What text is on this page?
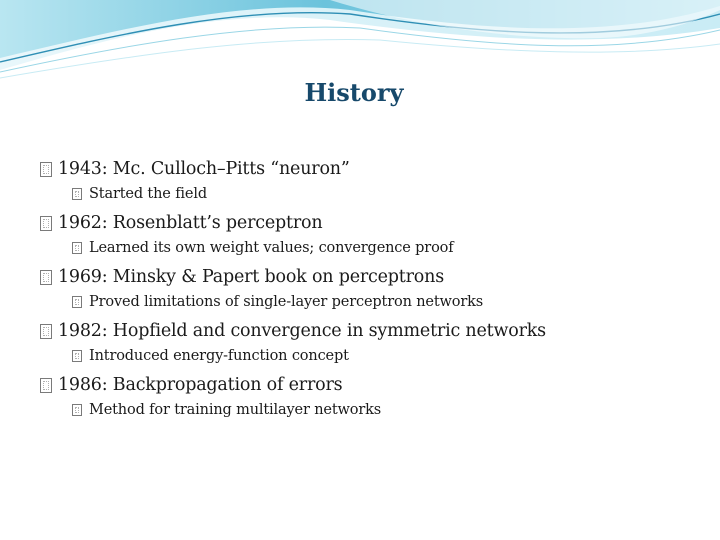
History
1943: Mc. Culloch–Pitts “neuron”
Started the field
1962: Rosenblatt’s perceptron
Learned its own weight values; convergence proof
1969: Minsky & Papert book on perceptrons
Proved limitations of single-layer perceptron networks
1982: Hopfield and convergence in symmetric networks
Introduced energy-function concept
1986: Backpropagation of errors
Method for training multilayer networks
